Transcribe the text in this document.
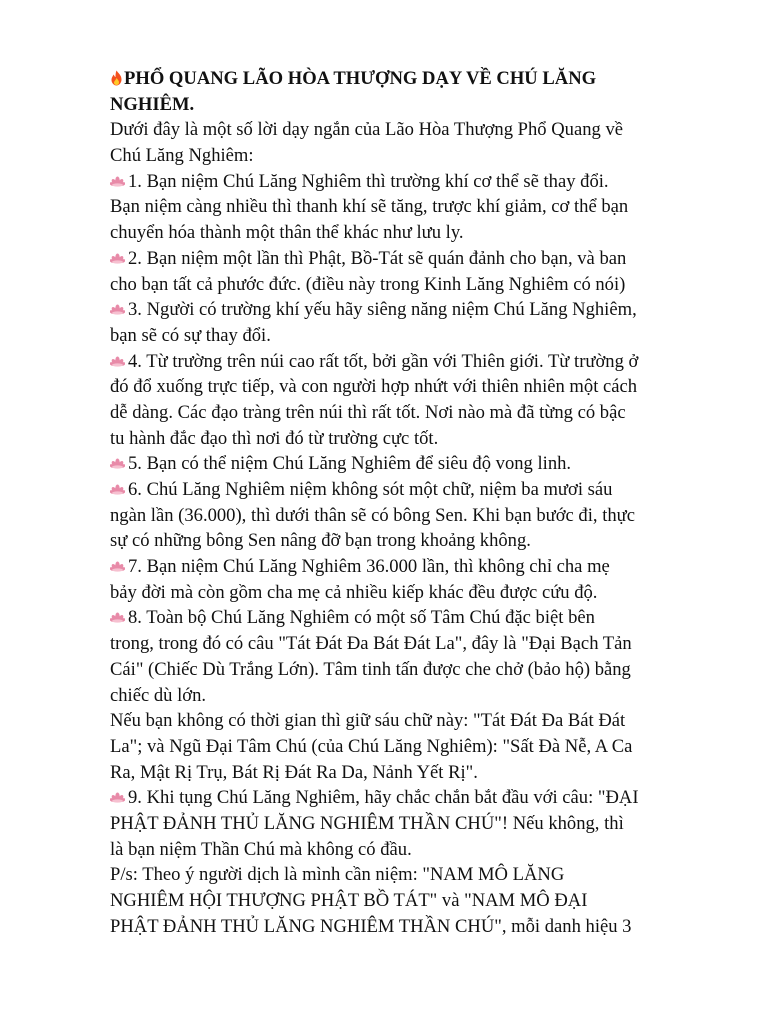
PHỔ QUANG LÃO HÒA THƯỢNG DẠY VỀ CHÚ LĂNG
NGHIÊM.
Dưới đây là một số lời dạy ngắn của Lão Hòa Thượng Phổ Quang về
Chú Lăng Nghiêm:
1. Bạn niệm Chú Lăng Nghiêm thì trường khí cơ thể sẽ thay đổi.
Bạn niệm càng nhiều thì thanh khí sẽ tăng, trược khí giảm, cơ thể bạn
chuyển hóa thành một thân thể khác như lưu ly.
2. Bạn niệm một lần thì Phật, Bồ-Tát sẽ quán đảnh cho bạn, và ban
cho bạn tất cả phước đức. (điều này trong Kinh Lăng Nghiêm có nói)
3. Người có trường khí yếu hãy siêng năng niệm Chú Lăng Nghiêm,
bạn sẽ có sự thay đổi.
4. Từ trường trên núi cao rất tốt, bởi gần với Thiên giới. Từ trường ở
đó đổ xuống trực tiếp, và con người hợp nhứt với thiên nhiên một cách
dễ dàng. Các đạo tràng trên núi thì rất tốt. Nơi nào mà đã từng có bậc
tu hành đắc đạo thì nơi đó từ trường cực tốt.
5. Bạn có thể niệm Chú Lăng Nghiêm để siêu độ vong linh.
6. Chú Lăng Nghiêm niệm không sót một chữ, niệm ba mươi sáu
ngàn lần (36.000), thì dưới thân sẽ có bông Sen. Khi bạn bước đi, thực
sự có những bông Sen nâng đỡ bạn trong khoảng không.
7. Bạn niệm Chú Lăng Nghiêm 36.000 lần, thì không chỉ cha mẹ
bảy đời mà còn gồm cha mẹ cả nhiều kiếp khác đều được cứu độ.
8. Toàn bộ Chú Lăng Nghiêm có một số Tâm Chú đặc biệt bên
trong, trong đó có câu "Tát Đát Đa Bát Đát La", đây là "Đại Bạch Tản
Cái" (Chiếc Dù Trắng Lớn). Tâm tinh tấn được che chở (bảo hộ) bằng
chiếc dù lớn.
Nếu bạn không có thời gian thì giữ sáu chữ này: "Tát Đát Đa Bát Đát
La"; và Ngũ Đại Tâm Chú (của Chú Lăng Nghiêm): "Sất Đà Nễ, A Ca
Ra, Mật Rị Trụ, Bát Rị Đát Ra Da, Nảnh Yết Rị".
9. Khi tụng Chú Lăng Nghiêm, hãy chắc chắn bắt đầu với câu: "ĐẠI
PHẬT ĐẢNH THỦ LĂNG NGHIÊM THẦN CHÚ"! Nếu không, thì
là bạn niệm Thần Chú mà không có đầu.
P/s: Theo ý người dịch là mình cần niệm: "NAM MÔ LĂNG
NGHIÊM HỘI THƯỢNG PHẬT BỒ TÁT" và "NAM MÔ ĐẠI
PHẬT ĐẢNH THỦ LĂNG NGHIÊM THẦN CHÚ", mỗi danh hiệu 3
